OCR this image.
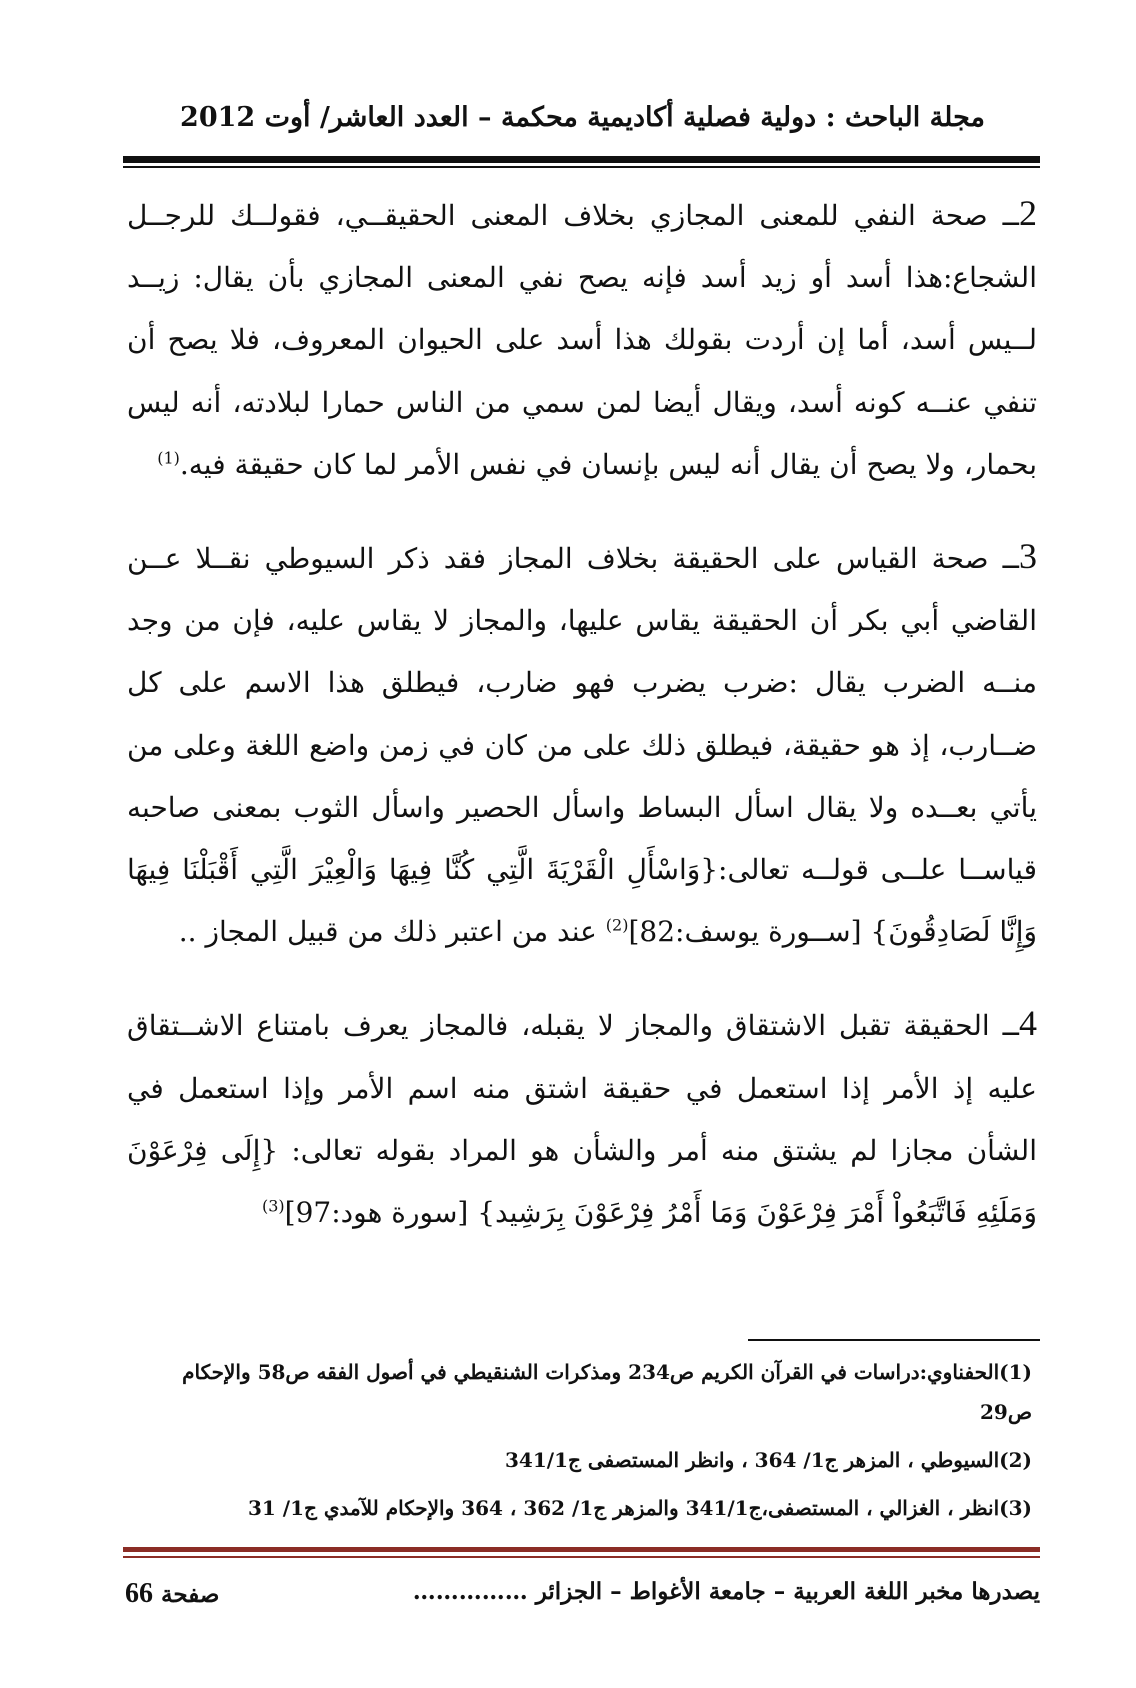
مجلة الباحث : دولية فصلية أكاديمية محكمة – العدد العاشر/ أوت 2012

2ــ صحة النفي للمعنى المجازي بخلاف المعنى الحقيقــي، فقولــك للرجــل الشجاع:هذا أسد أو زيد أسد فإنه يصح نفي المعنى المجازي بأن يقال: زيــد لــيس أسد، أما إن أردت بقولك هذا أسد على الحيوان المعروف، فلا يصح أن تنفي عنــه كونه أسد، ويقال أيضا لمن سمي من الناس حمارا لبلادته، أنه ليس بحمار، ولا يصح أن يقال أنه ليس بإنسان في نفس الأمر لما كان حقيقة فيه.$^{(1)}$

3ــ صحة القياس على الحقيقة بخلاف المجاز فقد ذكر السيوطي نقــلا عــن القاضي أبي بكر أن الحقيقة يقاس عليها، والمجاز لا يقاس عليه، فإن من وجد منــه الضرب يقال :ضرب يضرب فهو ضارب، فيطلق هذا الاسم على كل ضــارب، إذ هو حقيقة، فيطلق ذلك على من كان في زمن واضع اللغة وعلى من يأتي بعــده ولا يقال اسأل البساط واسأل الحصير واسأل الثوب بمعنى صاحبه قياســا علــى قولــه تعالى:{وَاسْأَلِ الْقَرْيَةَ الَّتِي كُنَّا فِيهَا وَالْعِيْرَ الَّتِي أَقْبَلْنَا فِيهَا وَإِنَّا لَصَادِقُونَ} [ســورة يوسف:82]$^{(2)}$ عند من اعتبر ذلك من قبيل المجاز ..

4ــ الحقيقة تقبل الاشتقاق والمجاز لا يقبله، فالمجاز يعرف بامتناع الاشــتقاق عليه إذ الأمر إذا استعمل في حقيقة اشتق منه اسم الأمر وإذا استعمل في الشأن مجازا لم يشتق منه أمر والشأن هو المراد بقوله تعالى: {إِلَى فِرْعَوْنَ وَمَلَئِهِ فَاتَّبَعُواْ أَمْرَ فِرْعَوْنَ وَمَا أَمْرُ فِرْعَوْنَ بِرَشِيد} [سورة هود:97]$^{(3)}$

(1)الحفناوي:دراسات في القرآن الكريم ص234 ومذكرات الشنقيطي في أصول الفقه ص58 والإحكام ص29

(2)السيوطي ، المزهر ج1/ 364 ، وانظر المستصفى ج341/1

(3)انظر ، الغزالي ، المستصفى،ج341/1 والمزهر ج1/ 362 ، 364 والإحكام للآمدي ج1/ 31

يصدرها مخبر اللغة العربية – جامعة الأغواط – الجزائر ……………
صفحة 66
